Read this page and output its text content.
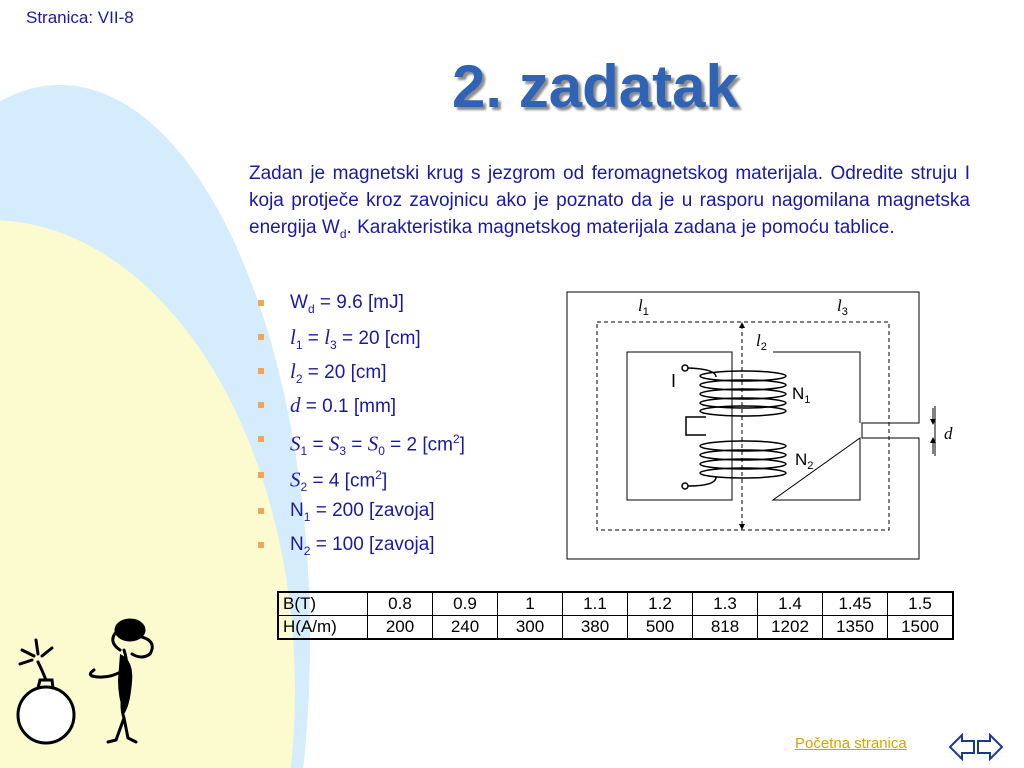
Stranica: VII-8
2. zadatak

Zadan je magnetski krug s jezgrom od feromagnetskog materijala. Odredite struju I koja protječe kroz zavojnicu ako je poznato da je u rasporu nagomilana magnetska energija $W_d$. Karakteristika magnetskog materijala zadana je pomoću tablice.

$W_d = 9.6$ [mJ]
$l_1 = l_3 = 20$ [cm]
$l_2 = 20$ [cm]
d = 0.1 [mm]
$S_1 = S_3 = S_0 = 2$ $[cm^2]$
$S_2 = 4$ $[cm^2]$
$N_1 = 200$ [zavoja]
$N_2 = 100$ [zavoja]
$l_1$	$l_3$
$l_2$
I
$N_1$
$N_2$
d
B(T)	0.8	0.9	1	1.1	1.2	1.3	1.4	1.45	1.5
H(A/m)	200	240	300	380	500	818	1202	1350	1500
Početna stranica
